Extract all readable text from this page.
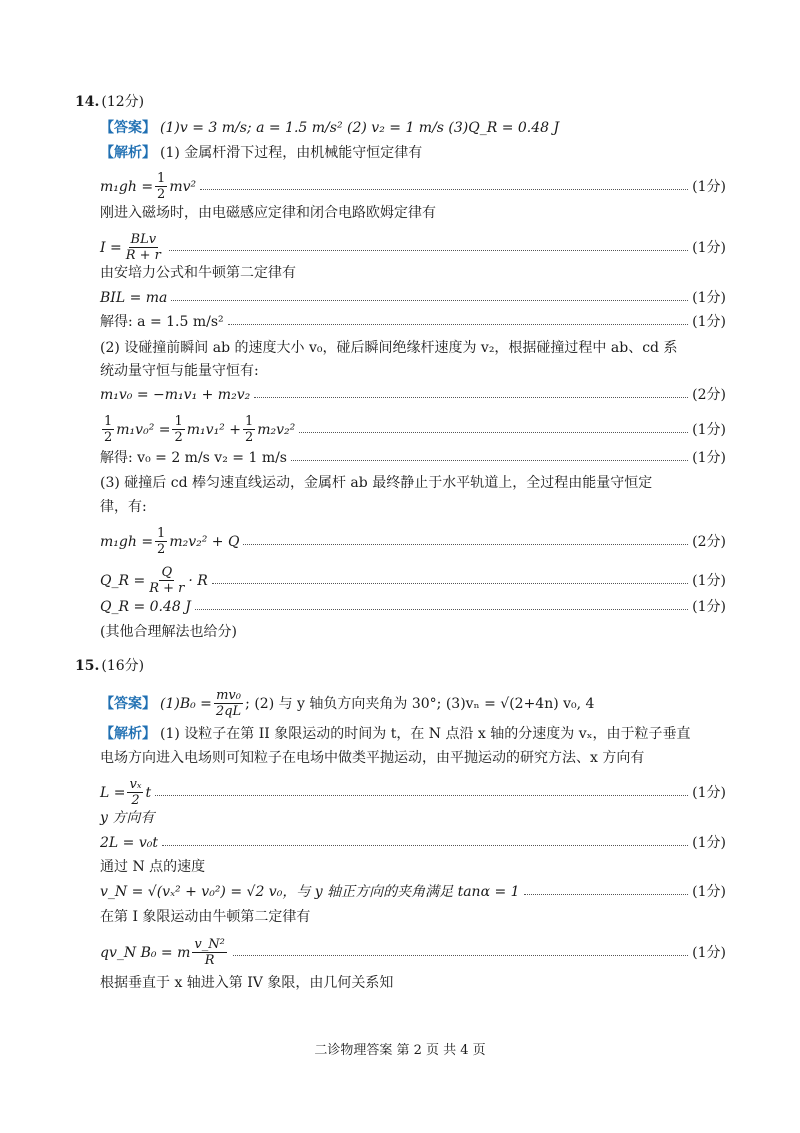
14. (12分)
【答案】 (1)v = 3 m/s; a = 1.5 m/s² (2) v₂ = 1 m/s (3)Q_R = 0.48 J
【解析】 (1) 金属杆滑下过程，由机械能守恒定律有
$m_1gh = \frac{1}{2} mv^2$	(1分)
刚进入磁场时，由电磁感应定律和闭合电路欧姆定律有
$I = \frac{\text{BLv}}{R + r}$	(1分)
由安培力公式和牛顿第二定律有
BIL = ma	(1分)
解得: a = 1.5 m/s²	(1分)
(2) 设碰撞前瞬间 ab 的速度大小 v₀，碰后瞬间绝缘杆速度为 v₂，根据碰撞过程中 ab、cd 系
统动量守恒与能量守恒有:
m₁v₀ = −m₁v₁ + m₂v₂	(2分)
$\frac{1}{2} m_1v_0^2 = \frac{1}{2} m_1v_1^2 + \frac{1}{2} m_2v_2^2$	(1分)
解得: v₀ = 2 m/s v₂ = 1 m/s	(1分)
(3) 碰撞后 cd 棒匀速直线运动，金属杆 ab 最终静止于水平轨道上，全过程由能量守恒定
律，有:
$m_1gh = \frac{1}{2} m_2v_2^2 + Q$	(2分)
Q_R = $\frac{Q}{R + r} \cdot R$	(1分)
Q_R = 0.48 J	(1分)
(其他合理解法也给分)
15. (16分)
【答案】 $(1)B_0 = \frac{\text{mv₀}}{2qL}$ ; (2) 与 y 轴负方向夹角为 30°; (3)vₙ = √(2+4n) v₀, 4
【解析】 (1) 设粒子在第 II 象限运动的时间为 t，在 N 点沿 x 轴的分速度为 vₓ，由于粒子垂直
电场方向进入电场则可知粒子在电场中做类平抛运动，由平抛运动的研究方法、x 方向有
$L = \frac{\text{vₓ}}{2}$ t	(1分)
y 方向有
2L = v₀t	(1分)
通过 N 点的速度
v_N = √(vₓ² + v₀²) = √2 v₀，与 y 轴正方向的夹角满足 tanα = 1	(1分)
在第 I 象限运动由牛顿第二定律有
qv_N B₀ = m $\frac{\text{v\_N²}}{R}$	(1分)
根据垂直于 x 轴进入第 IV 象限，由几何关系知
二诊物理答案 第 2 页 共 4 页
